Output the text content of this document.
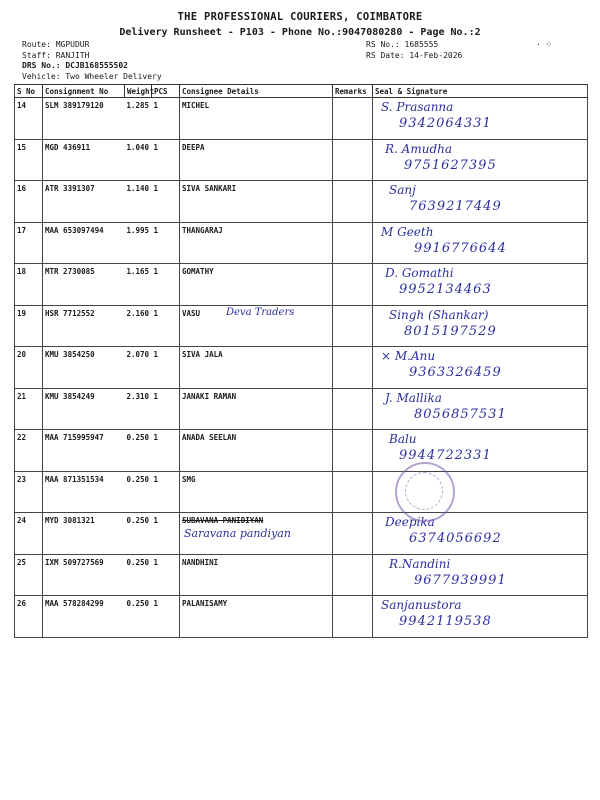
THE PROFESSIONAL COURIERS, COIMBATORE
Delivery Runsheet - P103 - Phone No.:9047080280 - Page No.:2
Route: MGPUDUR
Staff: RANJITH
DRS No.: DCJB168555502
Vehicle: Two Wheeler Delivery
RS No.: 1685555
RS Date: 14-Feb-2026
· ⁘
S No	Consignment No	Weight	PCS	Consignee Details	Remarks	Seal & Signature
14	SLM 389179120	1.285	1	MICHEL		S. Prasanna
9342064331

15	MGD 436911	1.040	1	DEEPA		R. Amudha
9751627395

16	ATR 3391307	1.140	1	SIVA SANKARI		Sanj
7639217449

17	MAA 653097494	1.995	1	THANGARAJ		M Geeth
9916776644

18	MTR 2730085	1.165	1	GOMATHY		D. Gomathi
9952134463

19	HSR 7712552	2.160	1	VASU Deva Traders		Singh (Shankar)
8015197529

20	KMU 3854250	2.070	1	SIVA JALA		× M.Anu
9363326459

21	KMU 3854249	2.310	1	JANAKI RAMAN		J. Mallika
8056857531

22	MAA 715995947	0.250	1	ANADA SEELAN		Balu
9944722331

23	MAA 871351534	0.250	1	SMG		

24	MYD 3081321	0.250	1	SUBAVANA PANIDIYAN
Saravana pandiyan		Deepika
6374056692

25	IXM 509727569	0.250	1	NANDHINI		R.Nandini
9677939991

26	MAA 578284299	0.250	1	PALANISAMY		Sanjanustora
9942119538
